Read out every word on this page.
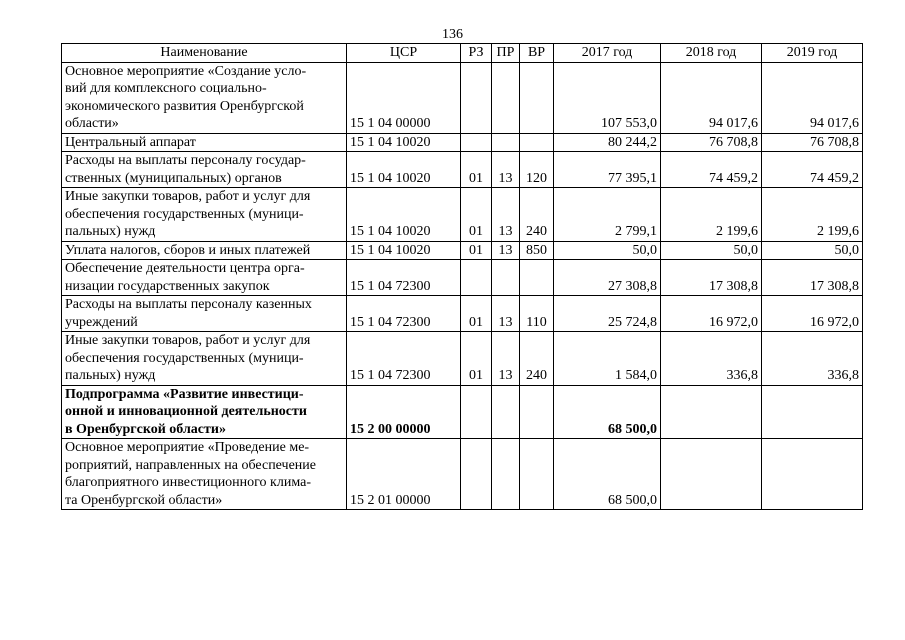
136
Наименование	ЦСР	РЗ	ПР	ВР	2017 год	2018 год	2019 год
Основное мероприятие «Создание усло-
вий для комплексного социально-
экономического развития Оренбургской
области»	15 1 04 00000				107 553,0	94 017,6	94 017,6
Центральный аппарат	15 1 04 10020				80 244,2	76 708,8	76 708,8
Расходы на выплаты персоналу государ-
ственных (муниципальных) органов	15 1 04 10020	01	13	120	77 395,1	74 459,2	74 459,2
Иные закупки товаров, работ и услуг для
обеспечения государственных (муници-
пальных) нужд	15 1 04 10020	01	13	240	2 799,1	2 199,6	2 199,6
Уплата налогов, сборов и иных платежей	15 1 04 10020	01	13	850	50,0	50,0	50,0
Обеспечение деятельности центра орга-
низации государственных закупок	15 1 04 72300				27 308,8	17 308,8	17 308,8
Расходы на выплаты персоналу казенных
учреждений	15 1 04 72300	01	13	110	25 724,8	16 972,0	16 972,0
Иные закупки товаров, работ и услуг для
обеспечения государственных (муници-
пальных) нужд	15 1 04 72300	01	13	240	1 584,0	336,8	336,8
Подпрограмма «Развитие инвестици-
онной и инновационной деятельности
в Оренбургской области»	15 2 00 00000				68 500,0		
Основное мероприятие «Проведение ме-
роприятий, направленных на обеспечение
благоприятного инвестиционного клима-
та Оренбургской области»	15 2 01 00000				68 500,0		
